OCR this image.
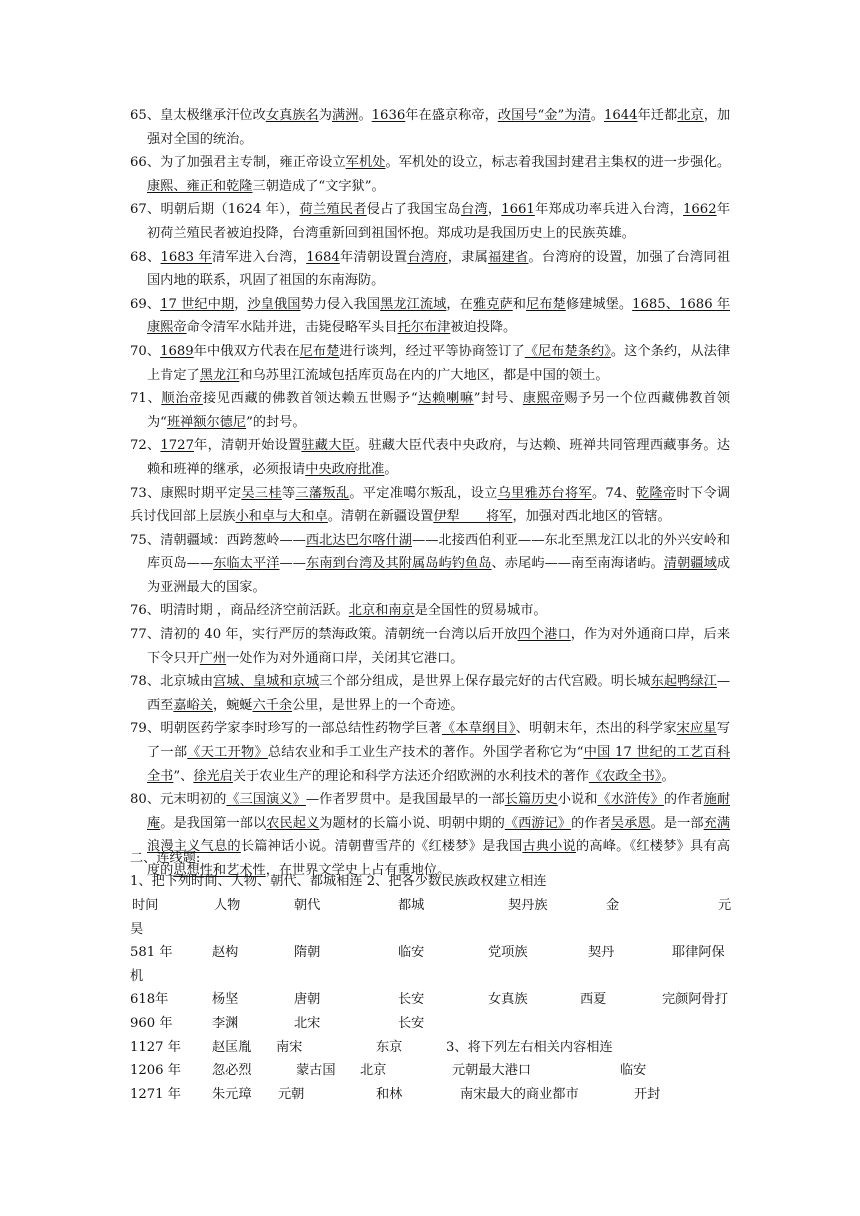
65、皇太极继承汗位改女真族名为满洲。1636年在盛京称帝，改国号“金”为清。1644年迁都北京，加强对全国的统治。

66、为了加强君主专制，雍正帝设立军机处。军机处的设立，标志着我国封建君主集权的进一步强化。康熙、雍正和乾隆三朝造成了“文字狱”。

67、明朝后期（1624 年），荷兰殖民者侵占了我国宝岛台湾，1661年郑成功率兵进入台湾，1662年初荷兰殖民者被迫投降，台湾重新回到祖国怀抱。郑成功是我国历史上的民族英雄。

68、1683 年清军进入台湾，1684年清朝设置台湾府，隶属福建省。台湾府的设置，加强了台湾同祖国内地的联系，巩固了祖国的东南海防。

69、17 世纪中期，沙皇俄国势力侵入我国黑龙江流域，在雅克萨和尼布楚修建城堡。1685、1686 年康熙帝命令清军水陆并进，击毙侵略军头目托尔布津被迫投降。

70、1689年中俄双方代表在尼布楚进行谈判，经过平等协商签订了《尼布楚条约》。这个条约，从法律上肯定了黑龙江和乌苏里江流域包括库页岛在内的广大地区，都是中国的领土。

71、顺治帝接见西藏的佛教首领达赖五世赐予“达赖喇嘛”封号、康熙帝赐予另一个位西藏佛教首领为“班禅额尔德尼”的封号。

72、1727年，清朝开始设置驻藏大臣。驻藏大臣代表中央政府，与达赖、班禅共同管理西藏事务。达赖和班禅的继承，必须报请中央政府批准。

73、康熙时期平定吴三桂等三藩叛乱。平定准噶尔叛乱，设立乌里雅苏台将军。74、乾隆帝时下令调兵讨伐回部上层族小和卓与大和卓。清朝在新疆设置伊犁　　将军，加强对西北地区的管辖。

75、清朝疆域：西跨葱岭——西北达巴尔喀什湖——北接西伯利亚——东北至黑龙江以北的外兴安岭和库页岛——东临太平洋——东南到台湾及其附属岛屿钓鱼岛、赤尾屿——南至南海诸屿。清朝疆域成为亚洲最大的国家。

76、明清时期 ，商品经济空前活跃。北京和南京是全国性的贸易城市。

77、清初的 40 年，实行严厉的禁海政策。清朝统一台湾以后开放四个港口，作为对外通商口岸，后来下令只开广州一处作为对外通商口岸，关闭其它港口。

78、北京城由宫城、皇城和京城三个部分组成，是世界上保存最完好的古代宫殿。明长城东起鸭绿江—西至嘉峪关，蜿蜒六千余公里，是世界上的一个奇迹。

79、明朝医药学家李时珍写的一部总结性药物学巨著《本草纲目》、明朝末年，杰出的科学家宋应星写了一部《天工开物》总结农业和手工业生产技术的著作。外国学者称它为“中国 17 世纪的工艺百科全书”、徐光启关于农业生产的理论和科学方法还介绍欧洲的水利技术的著作《农政全书》。

80、元末明初的《三国演义》—作者罗贯中。是我国最早的一部长篇历史小说和《水浒传》的作者施耐庵。是我国第一部以农民起义为题材的长篇小说、明朝中期的《西游记》的作者吴承恩。是一部充满浪漫主义气息的长篇神话小说。清朝曹雪芹的《红楼梦》是我国古典小说的高峰。《红楼梦》具有高度的思想性和艺术性，在世界文学史上占有重地位。

二、连线题:
1、把下列时间、人物、朝代、都城相连 2、把各少数民族政权建立相连
时间	人物	朝代	都城	契丹族	金	元
昊
581 年	赵构	隋朝	临安	党项族	契丹	耶律阿保
机
618年	杨坚	唐朝	长安	女真族	西夏	完颜阿骨打
960 年	李渊	北宋	长安
1127 年 赵匡胤 南宋	东京	3、将下列左右相关内容相连
1206 年 忽必烈	蒙古国 北京	元朝最大港口	临安
1271 年 朱元璋 元朝	和林	南宋最大的商业都市	开封
